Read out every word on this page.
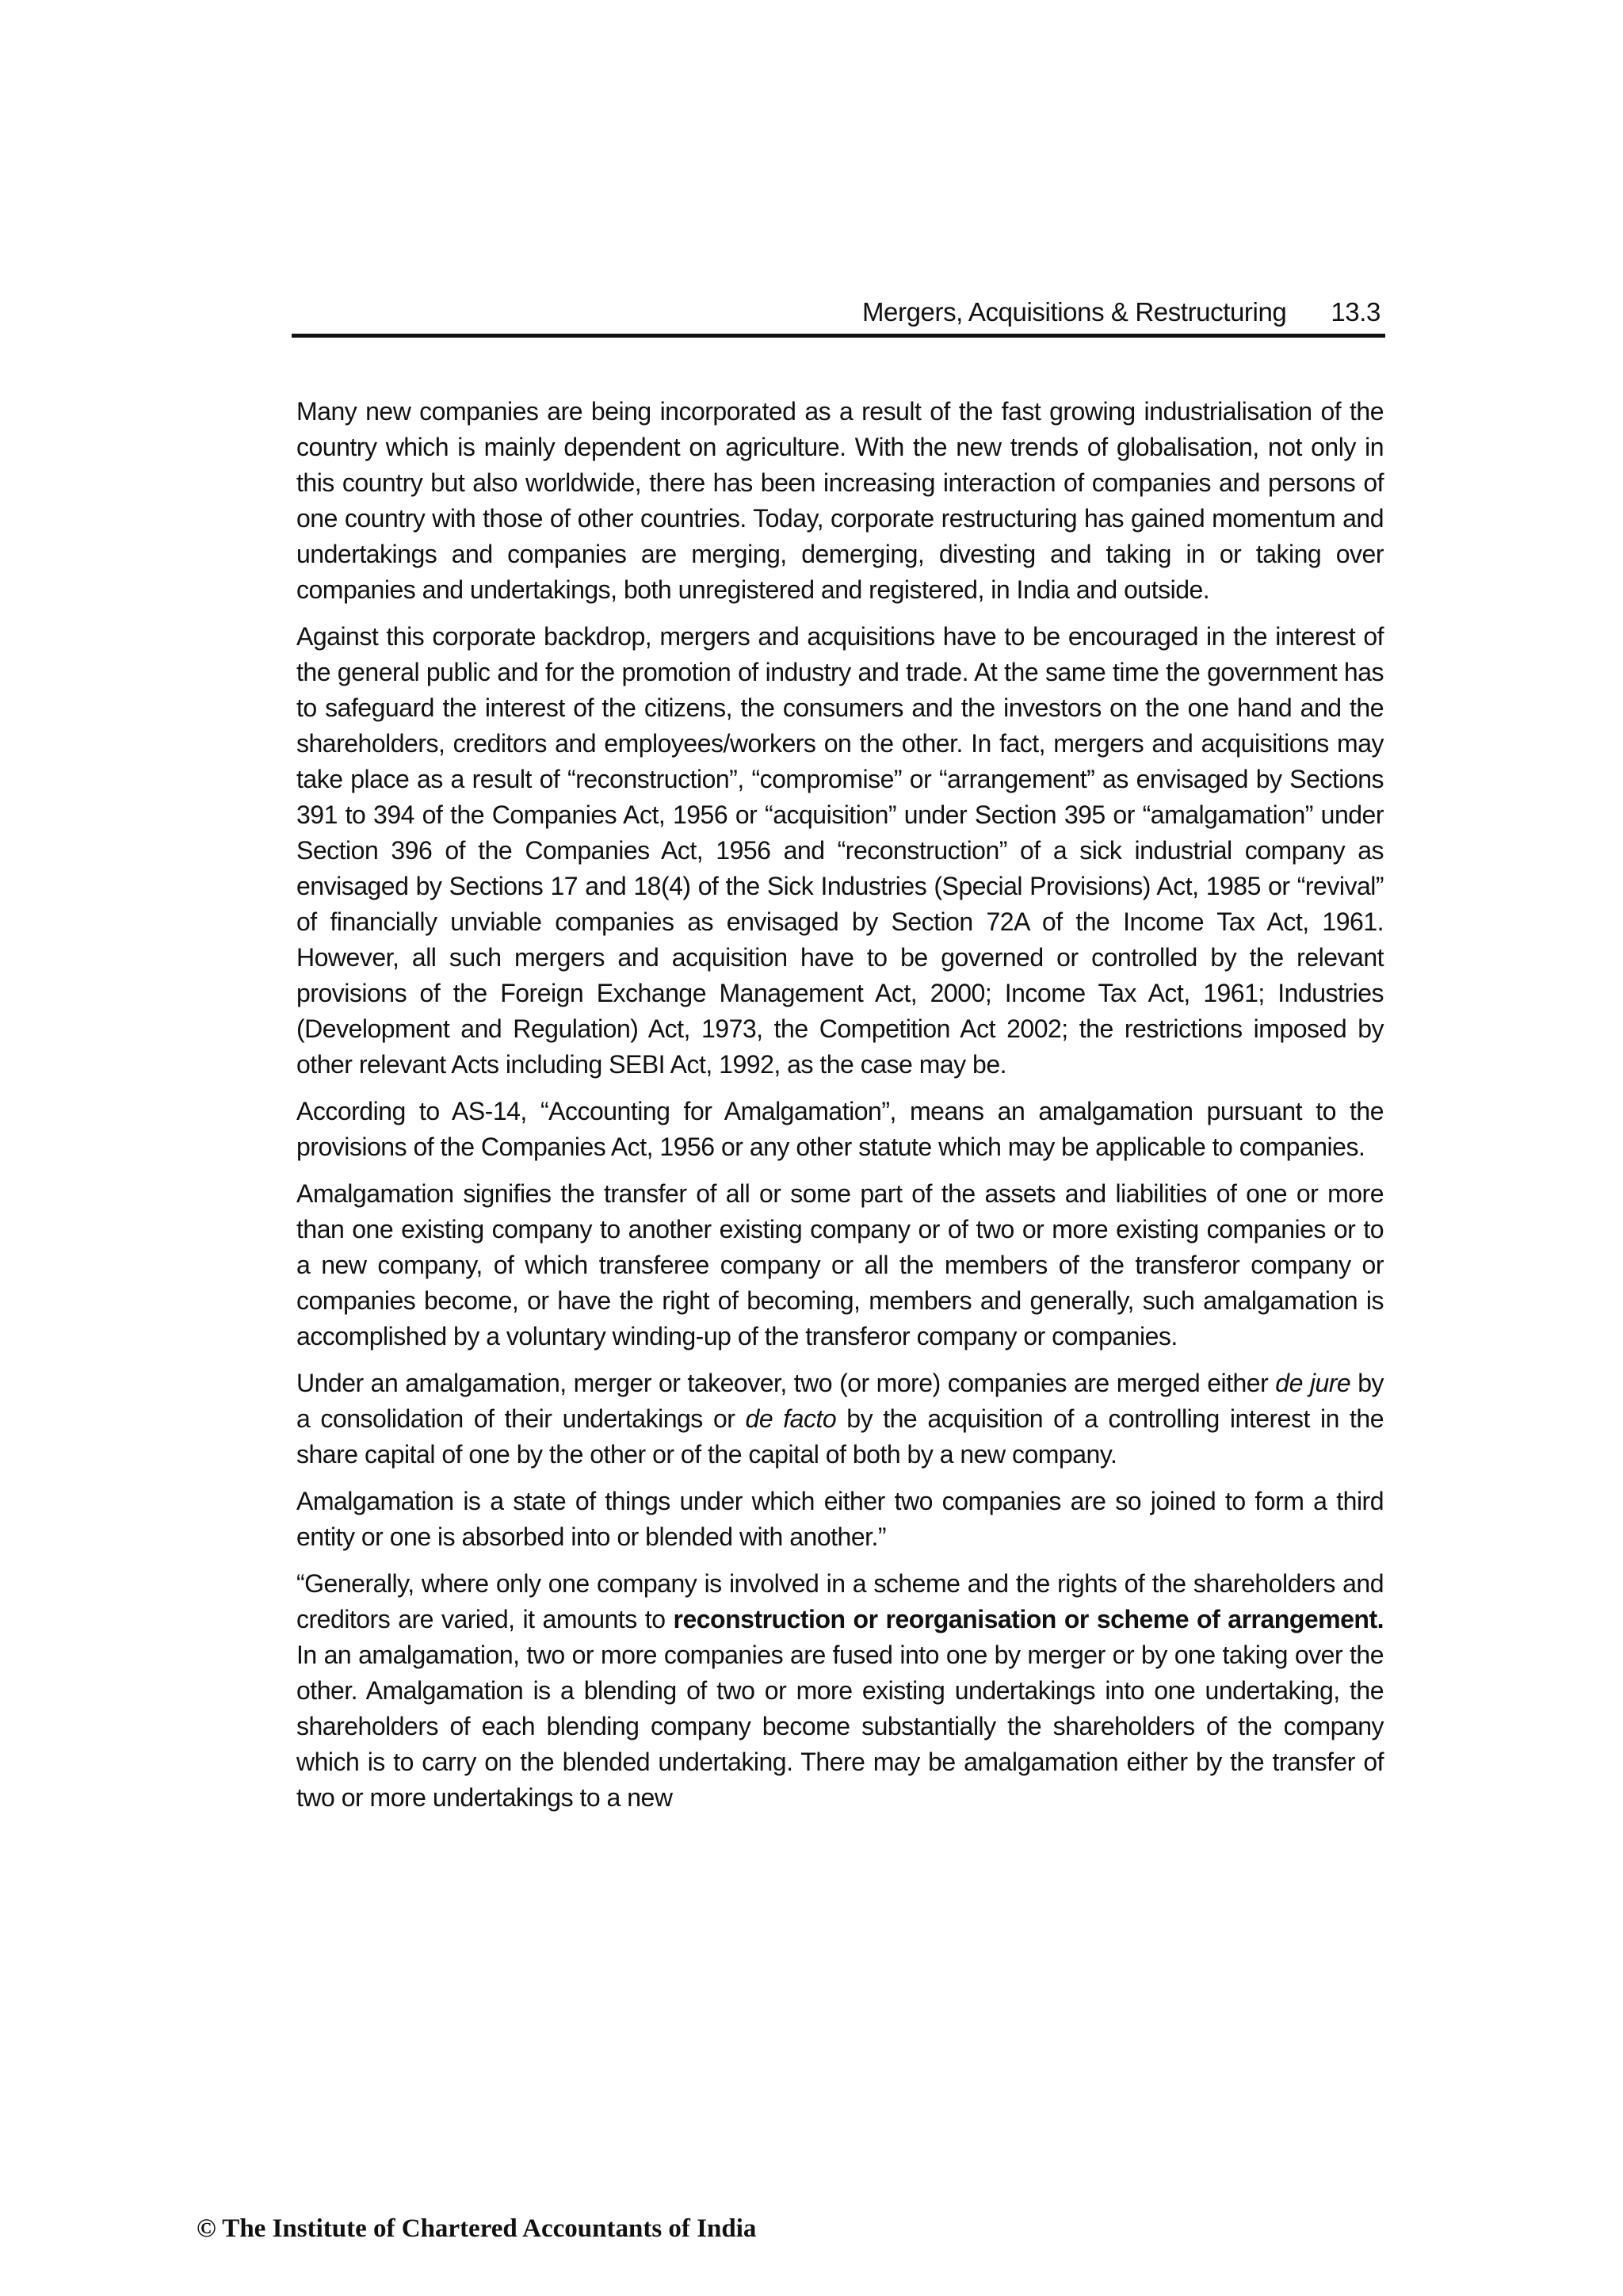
Mergers, Acquisitions & Restructuring 13.3

Many new companies are being incorporated as a result of the fast growing industrialisation of the country which is mainly dependent on agriculture. With the new trends of globalisation, not only in this country but also worldwide, there has been increasing interaction of companies and persons of one country with those of other countries. Today, corporate restructuring has gained momentum and undertakings and companies are merging, demerging, divesting and taking in or taking over companies and undertakings, both unregistered and registered, in India and outside.

Against this corporate backdrop, mergers and acquisitions have to be encouraged in the interest of the general public and for the promotion of industry and trade. At the same time the government has to safeguard the interest of the citizens, the consumers and the investors on the one hand and the shareholders, creditors and employees/workers on the other. In fact, mergers and acquisitions may take place as a result of “reconstruction”, “compromise” or “arrangement” as envisaged by Sections 391 to 394 of the Companies Act, 1956 or “acquisition” under Section 395 or “amalgamation” under Section 396 of the Companies Act, 1956 and “reconstruction” of a sick industrial company as envisaged by Sections 17 and 18(4) of the Sick Industries (Special Provisions) Act, 1985 or “revival” of financially unviable companies as envisaged by Section 72A of the Income Tax Act, 1961. However, all such mergers and acquisition have to be governed or controlled by the relevant provisions of the Foreign Exchange Management Act, 2000; Income Tax Act, 1961; Industries (Development and Regulation) Act, 1973, the Competition Act 2002; the restrictions imposed by other relevant Acts including SEBI Act, 1992, as the case may be.

According to AS-14, “Accounting for Amalgamation”, means an amalgamation pursuant to the provisions of the Companies Act, 1956 or any other statute which may be applicable to companies.

Amalgamation signifies the transfer of all or some part of the assets and liabilities of one or more than one existing company to another existing company or of two or more existing companies or to a new company, of which transferee company or all the members of the transferor company or companies become, or have the right of becoming, members and generally, such amalgamation is accomplished by a voluntary winding-up of the transferor company or companies.

Under an amalgamation, merger or takeover, two (or more) companies are merged either de jure by a consolidation of their undertakings or de facto by the acquisition of a controlling interest in the share capital of one by the other or of the capital of both by a new company.

Amalgamation is a state of things under which either two companies are so joined to form a third entity or one is absorbed into or blended with another.”

“Generally, where only one company is involved in a scheme and the rights of the shareholders and creditors are varied, it amounts to reconstruction or reorganisation or scheme of arrangement. In an amalgamation, two or more companies are fused into one by merger or by one taking over the other. Amalgamation is a blending of two or more existing undertakings into one undertaking, the shareholders of each blending company become substantially the shareholders of the company which is to carry on the blended undertaking. There may be amalgamation either by the transfer of two or more undertakings to a new

© The Institute of Chartered Accountants of India
